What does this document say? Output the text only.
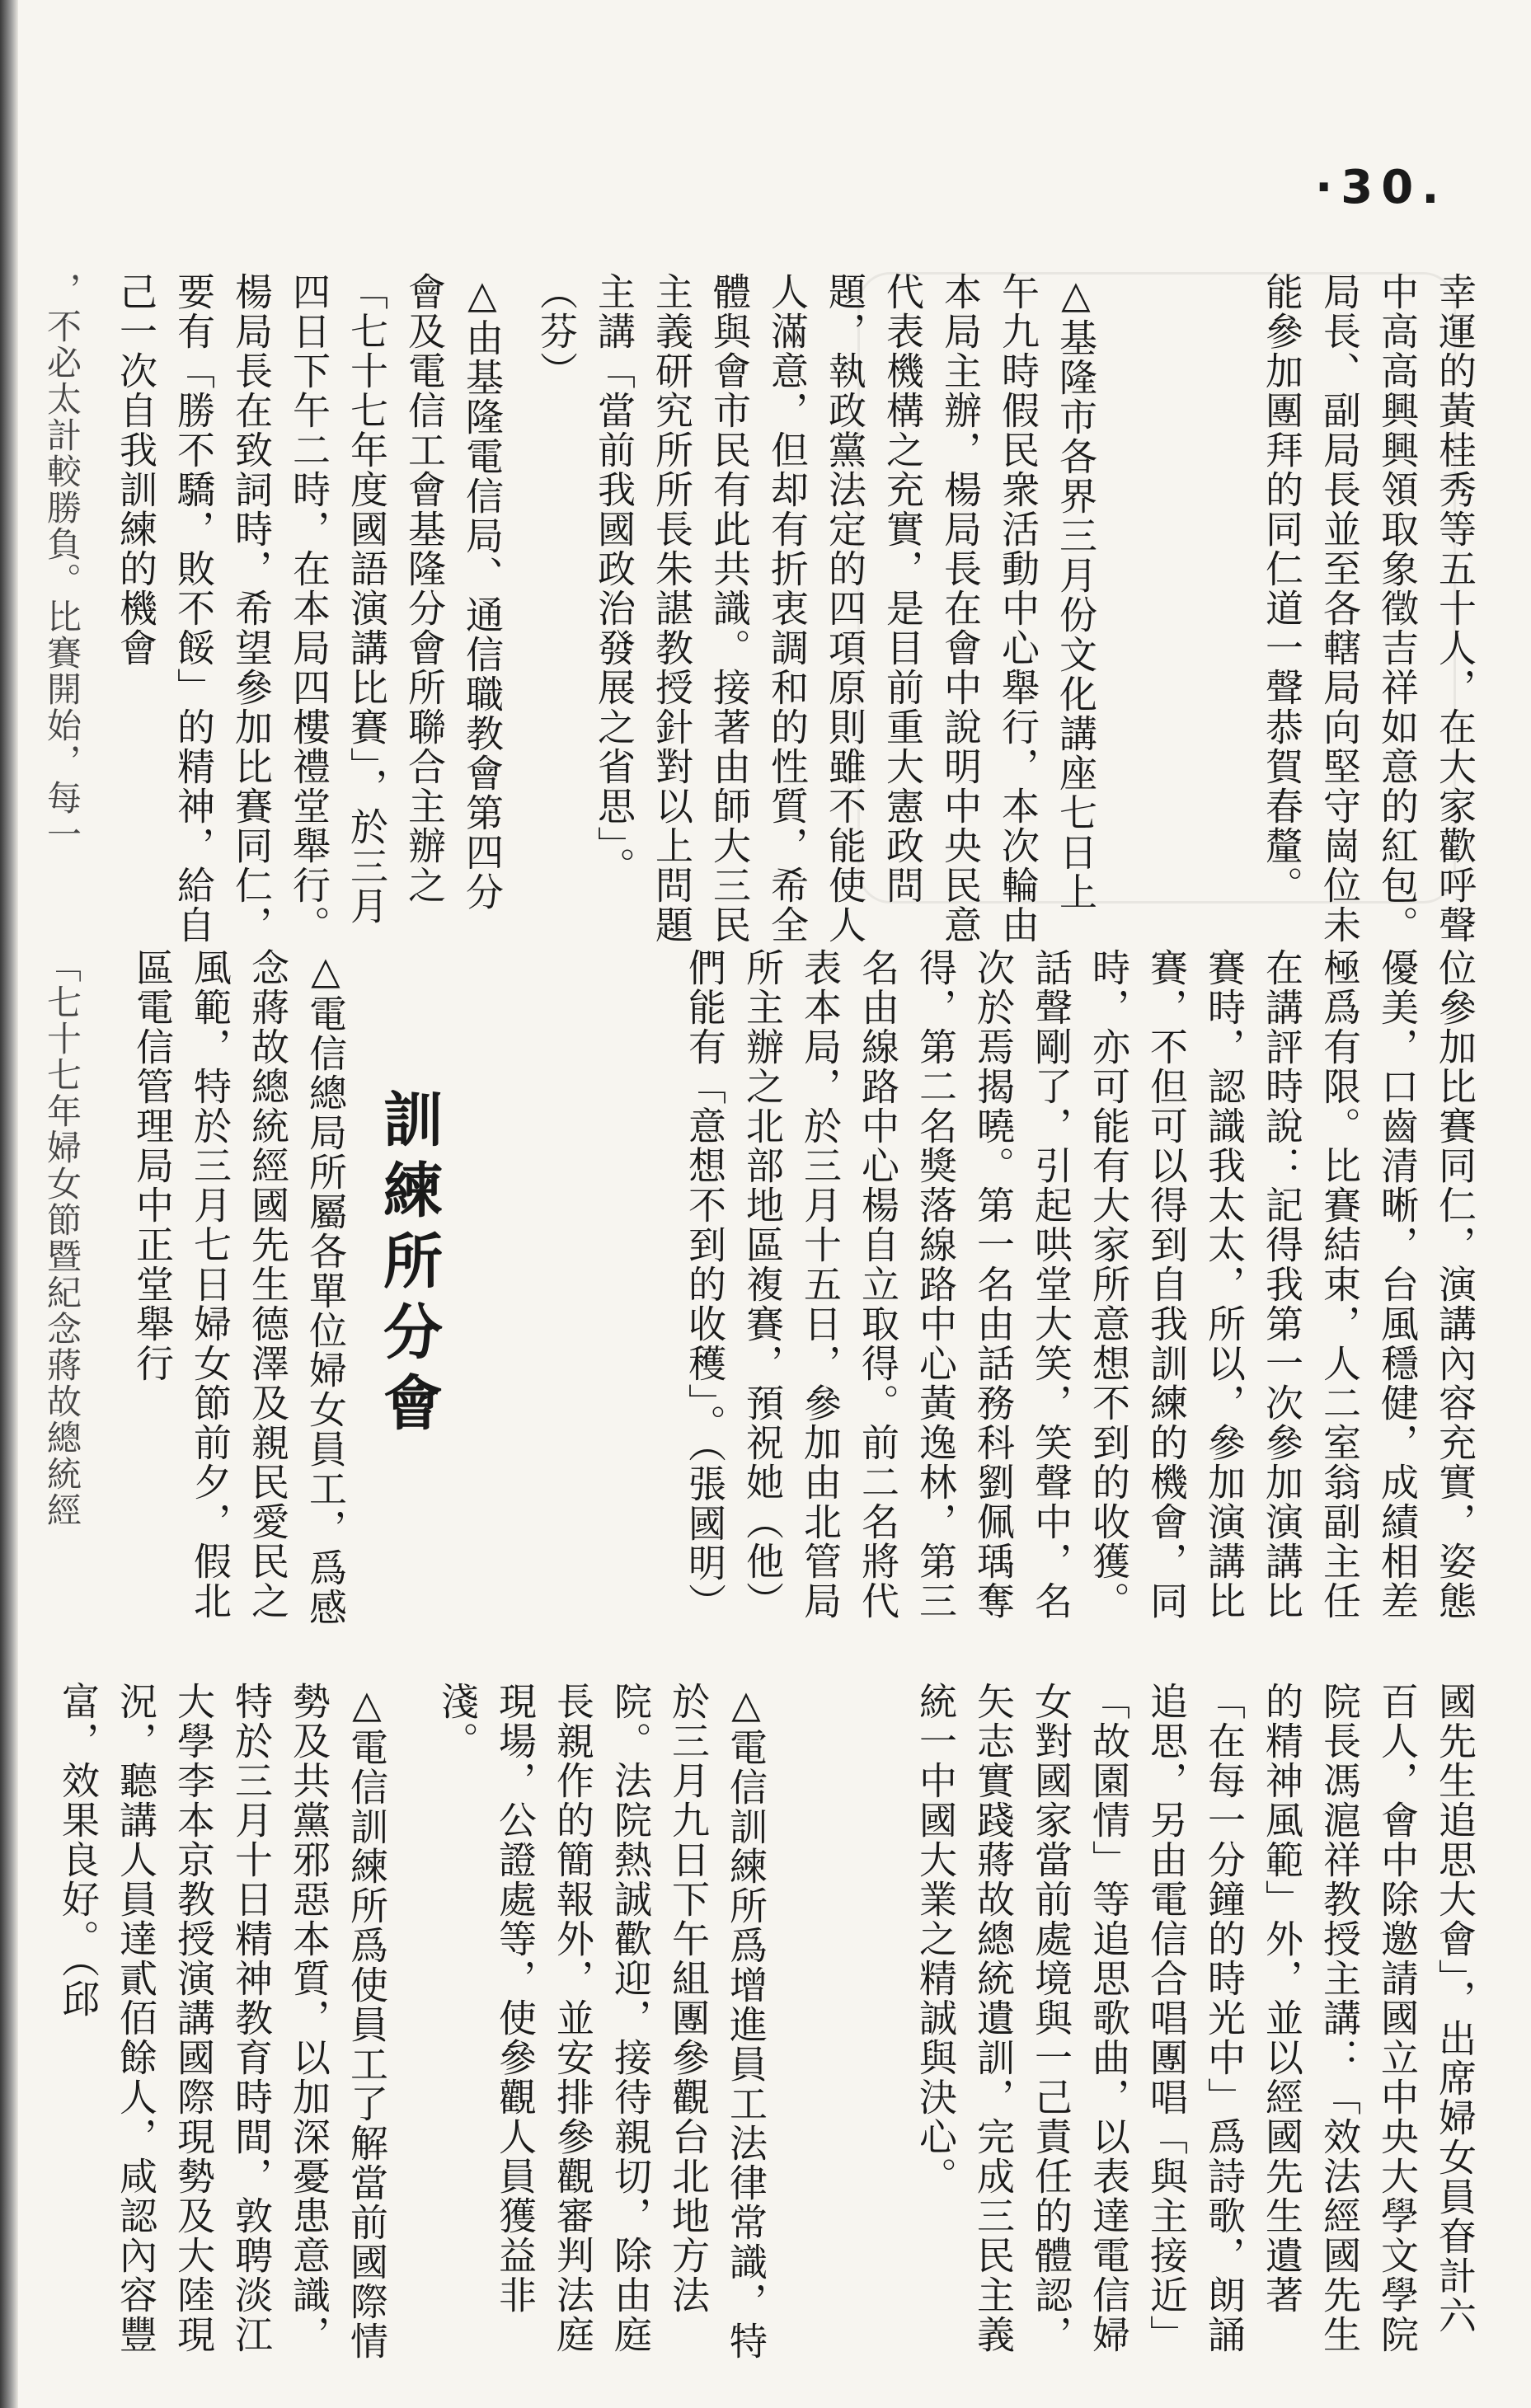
·30.
，不必太計較勝負。比賽開始，每一
「七十七年婦女節暨紀念蔣故總統經
幸運的黃桂秀等五十人，在大家歡呼聲中高高興興領取象徵吉祥如意的紅包。局長、副局長並至各轄局向堅守崗位未能參加團拜的同仁道一聲恭賀春釐。
△基隆市各界三月份文化講座七日上午九時假民衆活動中心舉行，本次輪由本局主辦，楊局長在會中說明中央民意代表機構之充實，是目前重大憲政問題，執政黨法定的四項原則雖不能使人人滿意，但却有折衷調和的性質，希全體與會市民有此共識。接著由師大三民主義研究所所長朱諶教授針對以上問題主講「當前我國政治發展之省思」。（芬）
△由基隆電信局、通信職教會第四分會及電信工會基隆分會所聯合主辦之「七十七年度國語演講比賽」，於三月四日下午二時，在本局四樓禮堂舉行。楊局長在致詞時，希望參加比賽同仁，要有「勝不驕，敗不餒」的精神，給自己一次自我訓練的機會
位參加比賽同仁，演講內容充實，姿態優美，口齒清晰，台風穩健，成績相差極爲有限。比賽結束，人二室翁副主任在講評時說：記得我第一次參加演講比賽時，認識我太太，所以，參加演講比賽，不但可以得到自我訓練的機會，同時，亦可能有大家所意想不到的收獲。話聲剛了，引起哄堂大笑，笑聲中，名次於焉揭曉。第一名由話務科劉佩瑀奪得，第二名獎落線路中心黃逸林，第三名由線路中心楊自立取得。前二名將代表本局，於三月十五日，參加由北管局所主辦之北部地區複賽，預祝她（他）們能有「意想不到的收穫」。（張國明）
訓練所分會
△電信總局所屬各單位婦女員工，爲感念蔣故總統經國先生德澤及親民愛民之風範，特於三月七日婦女節前夕，假北區電信管理局中正堂舉行
國先生追思大會」，出席婦女員眘計六百人，會中除邀請國立中央大學文學院院長馮滬祥教授主講：「效法經國先生的精神風範」外，並以經國先生遺著「在每一分鐘的時光中」爲詩歌，朗誦追思，另由電信合唱團唱「與主接近」「故園情」等追思歌曲，以表達電信婦女對國家當前處境與一己責任的體認，矢志實踐蔣故總統遺訓，完成三民主義統一中國大業之精誠與決心。
△電信訓練所爲增進員工法律常識，特於三月九日下午組團參觀台北地方法院。法院熱誠歡迎，接待親切，除由庭長親作的簡報外，並安排參觀審判法庭現場，公證處等，使參觀人員獲益非淺。
△電信訓練所爲使員工了解當前國際情勢及共黨邪惡本質，以加深憂患意識，特於三月十日精神教育時間，敦聘淡江大學李本京教授演講國際現勢及大陸現況，聽講人員達貳佰餘人，咸認內容豐富，效果良好。（邱
